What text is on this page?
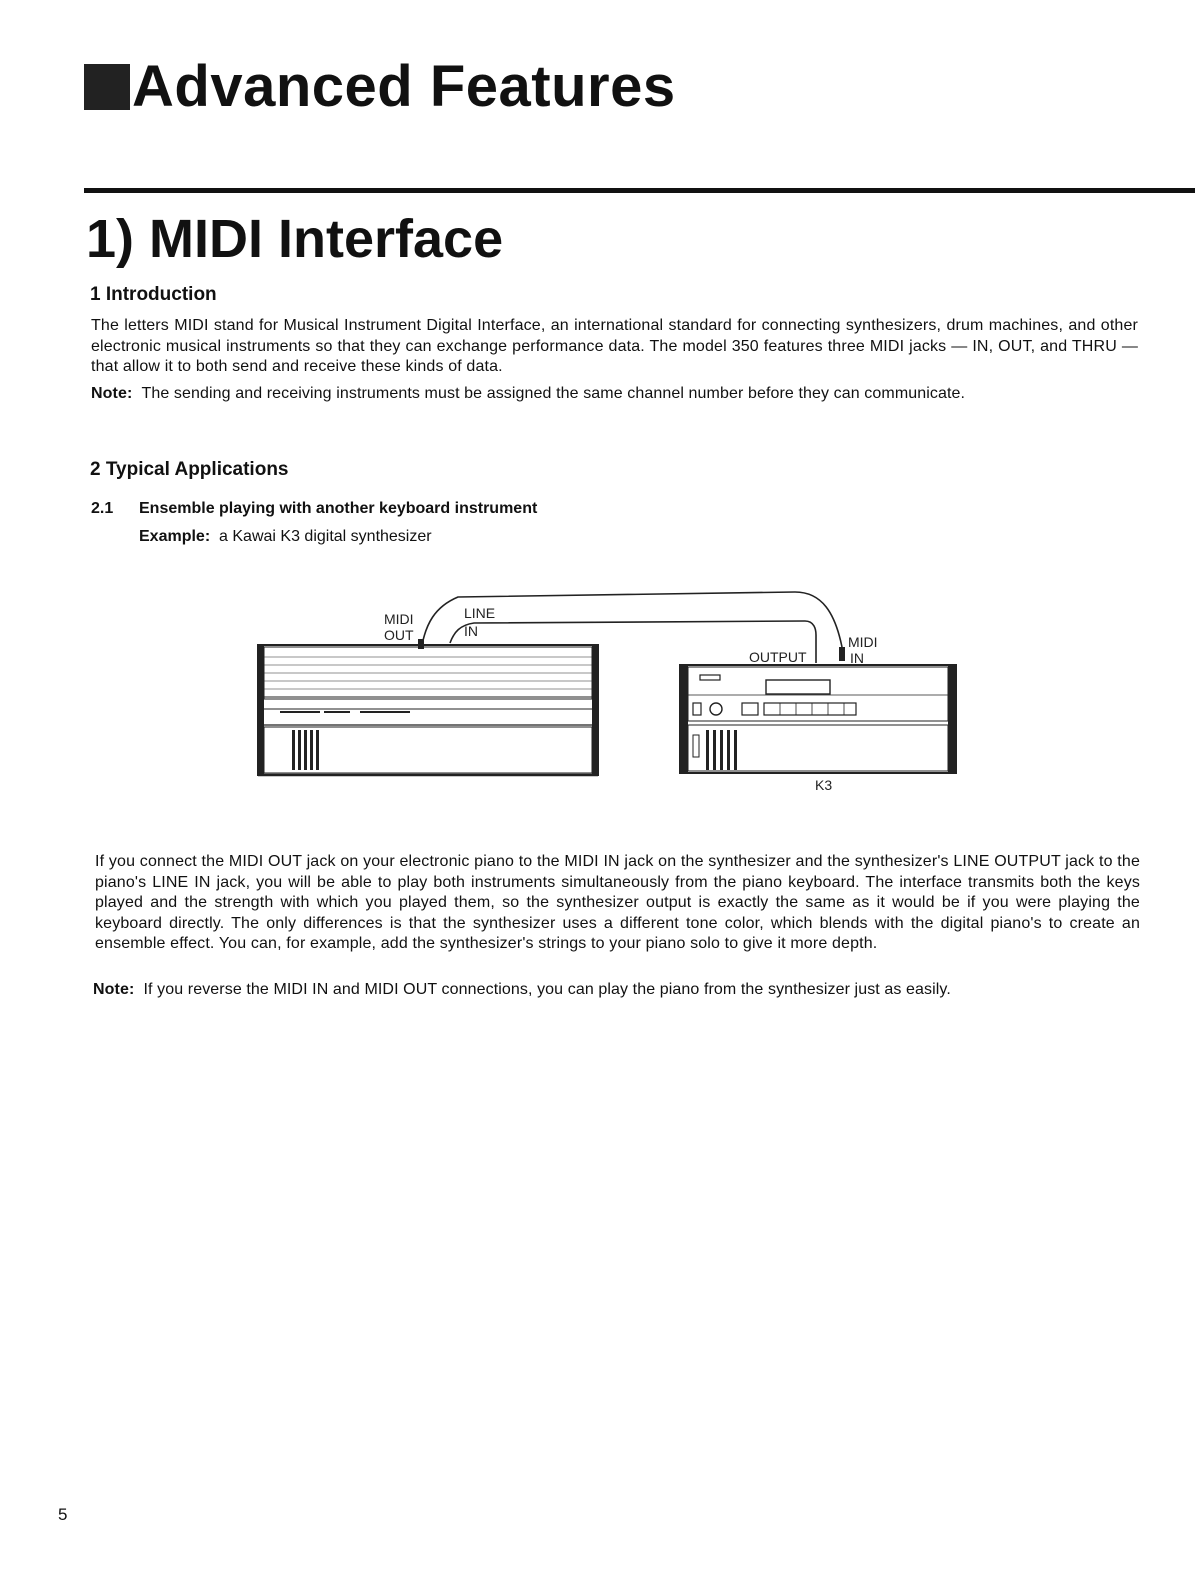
Advanced Features
1) MIDI Interface
1 Introduction

The letters MIDI stand for Musical Instrument Digital Interface, an international standard for connecting synthesizers, drum machines, and other electronic musical instruments so that they can exchange performance data. The model 350 features three MIDI jacks — IN, OUT, and THRU — that allow it to both send and receive these kinds of data.

Note: The sending and receiving instruments must be assigned the same channel number before they can communicate.

2 Typical Applications
2.1 Ensemble playing with another keyboard instrument
Example: a Kawai K3 digital synthesizer
MIDI
OUT
LINE
IN
OUTPUT
MIDI
IN
K3

If you connect the MIDI OUT jack on your electronic piano to the MIDI IN jack on the synthesizer and the synthesizer's LINE OUTPUT jack to the piano's LINE IN jack, you will be able to play both instruments simultaneously from the piano keyboard. The interface transmits both the keys played and the strength with which you played them, so the synthesizer output is exactly the same as it would be if you were playing the keyboard directly. The only differences is that the synthesizer uses a different tone color, which blends with the digital piano's to create an ensemble effect. You can, for example, add the synthesizer's strings to your piano solo to give it more depth.

Note: If you reverse the MIDI IN and MIDI OUT connections, you can play the piano from the synthesizer just as easily.

5
